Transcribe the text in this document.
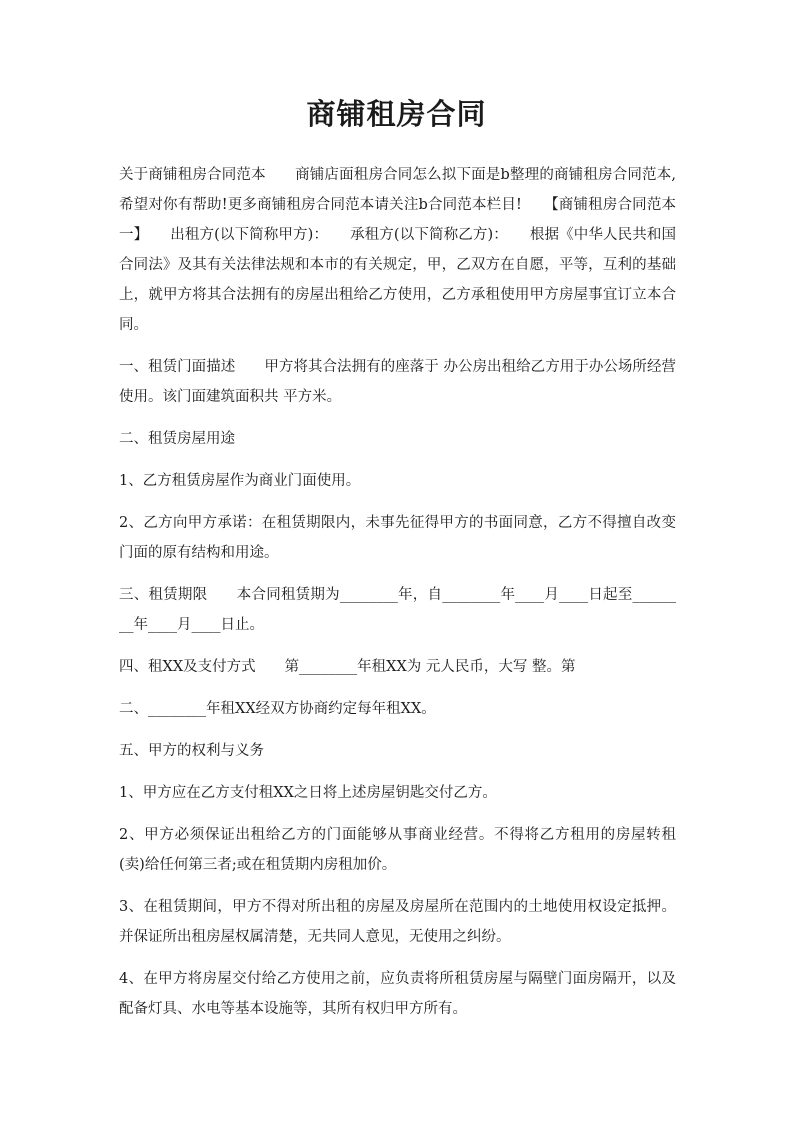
商铺租房合同

关于商铺租房合同范本　　商铺店面租房合同怎么拟下面是b整理的商铺租房合同范本,希望对你有帮助!更多商铺租房合同范本请关注b合同范本栏目!　　【商铺租房合同范本一】　　出租方(以下简称甲方)：　　承租方(以下简称乙方)：　　根据《中华人民共和国合同法》及其有关法律法规和本市的有关规定，甲，乙双方在自愿，平等，互利的基础上，就甲方将其合法拥有的房屋出租给乙方使用，乙方承租使用甲方房屋事宜订立本合同。

一、租赁门面描述　　甲方将其合法拥有的座落于 办公房出租给乙方用于办公场所经营使用。该门面建筑面积共 平方米。

二、租赁房屋用途

1、乙方租赁房屋作为商业门面使用。

2、乙方向甲方承诺：在租赁期限内，未事先征得甲方的书面同意，乙方不得擅自改变门面的原有结构和用途。

三、租赁期限　　本合同租赁期为________年，自________年____月____日起至________年____月____日止。

四、租XX及支付方式　　第________年租XX为 元人民币，大写 整。第

二、________年租XX经双方协商约定每年租XX。

五、甲方的权利与义务

1、甲方应在乙方支付租XX之日将上述房屋钥匙交付乙方。

2、甲方必须保证出租给乙方的门面能够从事商业经营。不得将乙方租用的房屋转租(卖)给任何第三者;或在租赁期内房租加价。

3、在租赁期间，甲方不得对所出租的房屋及房屋所在范围内的土地使用权设定抵押。并保证所出租房屋权属清楚，无共同人意见，无使用之纠纷。

4、在甲方将房屋交付给乙方使用之前，应负责将所租赁房屋与隔壁门面房隔开，以及配备灯具、水电等基本设施等，其所有权归甲方所有。
